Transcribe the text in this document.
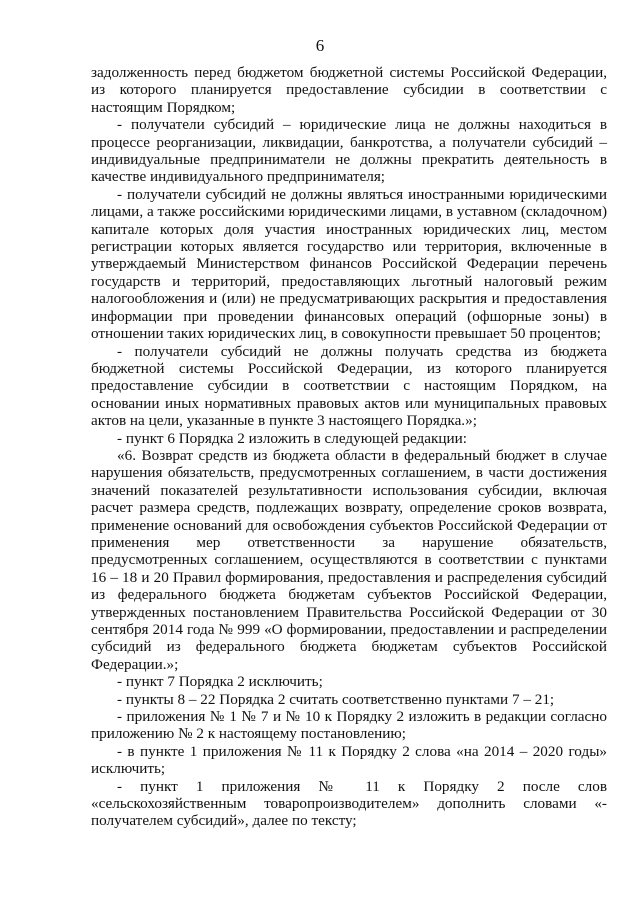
6

задолженность перед бюджетом бюджетной системы Российской Федерации, из которого планируется предоставление субсидии в соответствии с настоящим Порядком;

- получатели субсидий – юридические лица не должны находиться в процессе реорганизации, ликвидации, банкротства, а получатели субсидий – индивидуальные предприниматели не должны прекратить деятельность в качестве индивидуального предпринимателя;

- получатели субсидий не должны являться иностранными юридическими лицами, а также российскими юридическими лицами, в уставном (складочном) капитале которых доля участия иностранных юридических лиц, местом регистрации которых является государство или территория, включенные в утверждаемый Министерством финансов Российской Федерации перечень государств и территорий, предоставляющих льготный налоговый режим налогообложения и (или) не предусматривающих раскрытия и предоставления информации при проведении финансовых операций (офшорные зоны) в отношении таких юридических лиц, в совокупности превышает 50 процентов;

- получатели субсидий не должны получать средства из бюджета бюджетной системы Российской Федерации, из которого планируется предоставление субсидии в соответствии с настоящим Порядком, на основании иных нормативных правовых актов или муниципальных правовых актов на цели, указанные в пункте 3 настоящего Порядка.»;

- пункт 6 Порядка 2 изложить в следующей редакции:

«6. Возврат средств из бюджета области в федеральный бюджет в случае нарушения обязательств, предусмотренных соглашением, в части достижения значений показателей результативности использования субсидии, включая расчет размера средств, подлежащих возврату, определение сроков возврата, применение оснований для освобождения субъектов Российской Федерации от применения мер ответственности за нарушение обязательств, предусмотренных соглашением, осуществляются в соответствии с пунктами 16 – 18 и 20 Правил формирования, предоставления и распределения субсидий из федерального бюджета бюджетам субъектов Российской Федерации, утвержденных постановлением Правительства Российской Федерации от 30 сентября 2014 года № 999 «О формировании, предоставлении и распределении субсидий из федерального бюджета бюджетам субъектов Российской Федерации.»;

- пункт 7 Порядка 2 исключить;

- пункты 8 – 22 Порядка 2 считать соответственно пунктами 7 – 21;

- приложения № 1 № 7 и № 10 к Порядку 2 изложить в редакции согласно приложению № 2 к настоящему постановлению;

- в пункте 1 приложения № 11 к Порядку 2 слова «на 2014 – 2020 годы» исключить;

- пункт 1 приложения № 11 к Порядку 2 после слов «сельскохозяйственным товаропроизводителем» дополнить словами «- получателем субсидий», далее по тексту;
